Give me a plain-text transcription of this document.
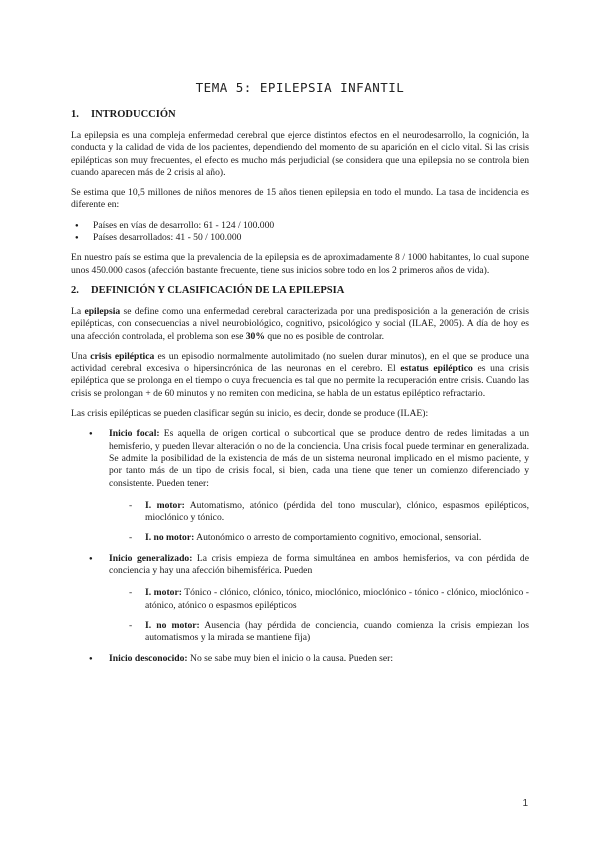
TEMA 5: EPILEPSIA INFANTIL
1.	INTRODUCCIÓN

La epilepsia es una compleja enfermedad cerebral que ejerce distintos efectos en el neurodesarrollo, la cognición, la conducta y la calidad de vida de los pacientes, dependiendo del momento de su aparición en el ciclo vital. Si las crisis epilépticas son muy frecuentes, el efecto es mucho más perjudicial (se considera que una epilepsia no se controla bien cuando aparecen más de 2 crisis al año).

Se estima que 10,5 millones de niños menores de 15 años tienen epilepsia en todo el mundo. La tasa de incidencia es diferente en:

● Países en vías de desarrollo: 61 - 124 / 100.000
● Países desarrollados: 41 - 50 / 100.000

En nuestro país se estima que la prevalencia de la epilepsia es de aproximadamente 8 / 1000 habitantes, lo cual supone unos 450.000 casos (afección bastante frecuente, tiene sus inicios sobre todo en los 2 primeros años de vida).

2.	DEFINICIÓN Y CLASIFICACIÓN DE LA EPILEPSIA

La epilepsia se define como una enfermedad cerebral caracterizada por una predisposición a la generación de crisis epilépticas, con consecuencias a nivel neurobiológico, cognitivo, psicológico y social (ILAE, 2005). A día de hoy es una afección controlada, el problema son ese 30% que no es posible de controlar.

Una crisis epiléptica es un episodio normalmente autolimitado (no suelen durar minutos), en el que se produce una actividad cerebral excesiva o hipersincrónica de las neuronas en el cerebro. El estatus epiléptico es una crisis epiléptica que se prolonga en el tiempo o cuya frecuencia es tal que no permite la recuperación entre crisis. Cuando las crisis se prolongan + de 60 minutos y no remiten con medicina, se habla de un estatus epiléptico refractario.

Las crisis epilépticas se pueden clasificar según su inicio, es decir, donde se produce (ILAE):

● Inicio focal: Es aquella de origen cortical o subcortical que se produce dentro de redes limitadas a un hemisferio, y pueden llevar alteración o no de la conciencia. Una crisis focal puede terminar en generalizada. Se admite la posibilidad de la existencia de más de un sistema neuronal implicado en el mismo paciente, y por tanto más de un tipo de crisis focal, si bien, cada una tiene que tener un comienzo diferenciado y consistente. Pueden tener:
- I. motor: Automatismo, atónico (pérdida del tono muscular), clónico, espasmos epilépticos, mioclónico y tónico.
- I. no motor: Autonómico o arresto de comportamiento cognitivo, emocional, sensorial.
● Inicio generalizado: La crisis empieza de forma simultánea en ambos hemisferios, va con pérdida de conciencia y hay una afección bihemisférica. Pueden
- I. motor: Tónico - clónico, clónico, tónico, mioclónico, mioclónico - tónico - clónico, mioclónico - atónico, atónico o espasmos epilépticos
- I. no motor: Ausencia (hay pérdida de conciencia, cuando comienza la crisis empiezan los automatismos y la mirada se mantiene fija)
● Inicio desconocido: No se sabe muy bien el inicio o la causa. Pueden ser:
1
